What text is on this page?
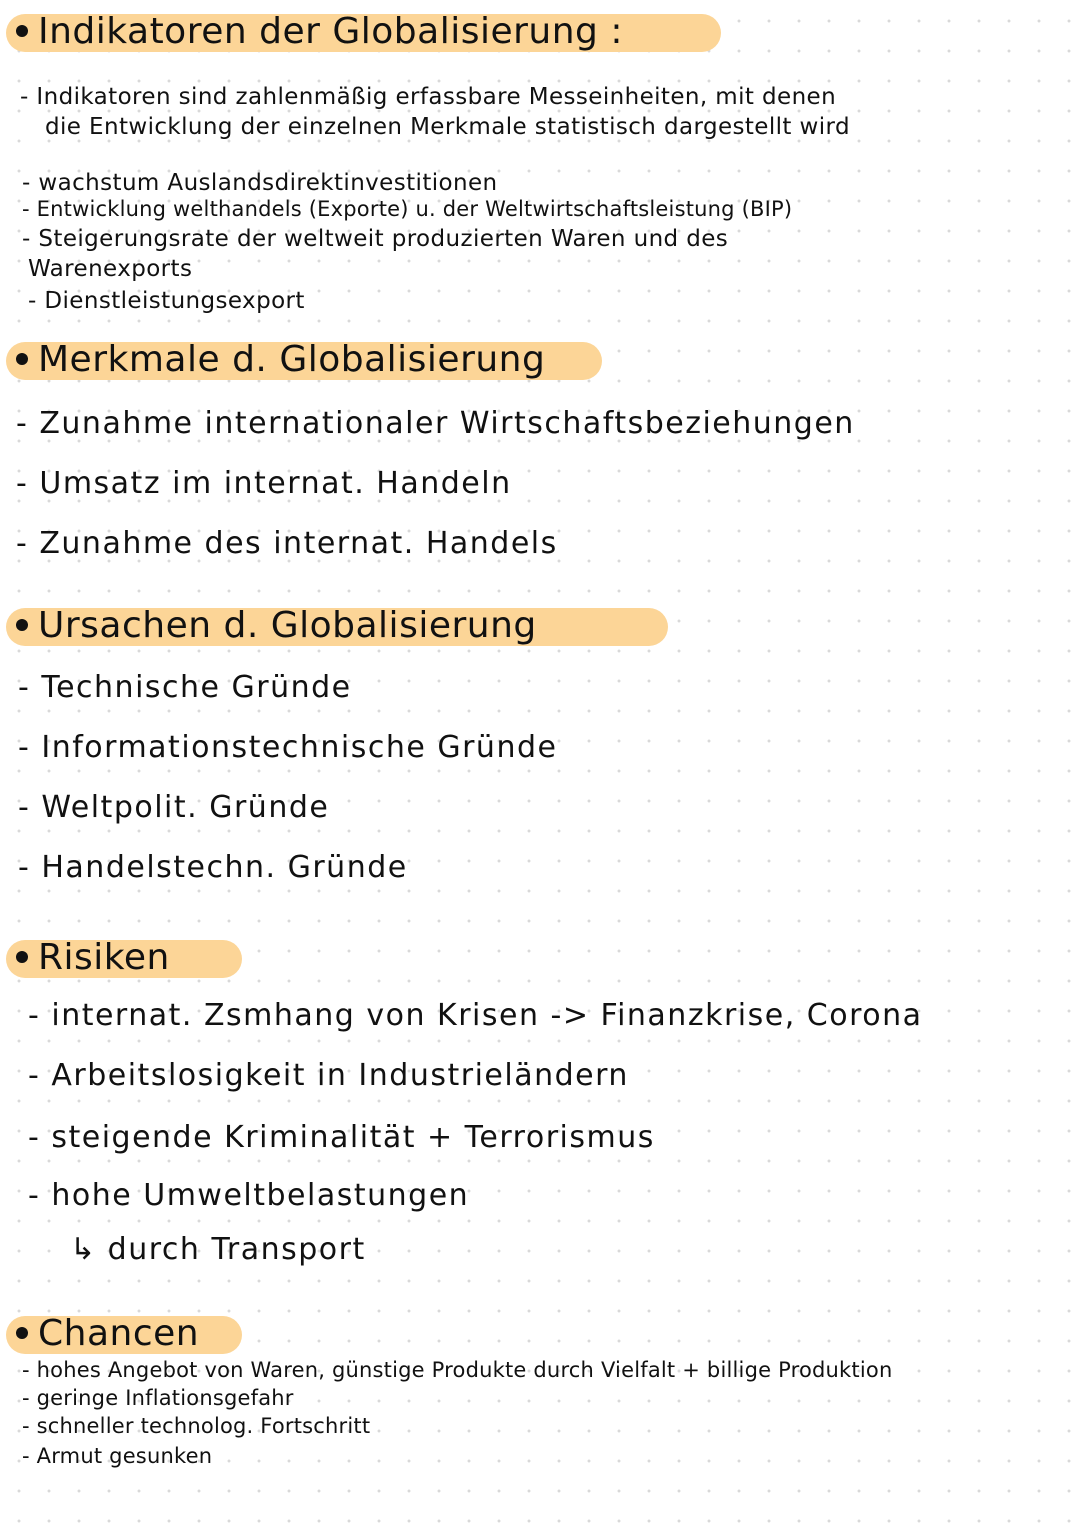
Indikatoren der Globalisierung :
- Indikatoren sind zahlenmäßig erfassbare Messeinheiten, mit denen
die Entwicklung der einzelnen Merkmale statistisch dargestellt wird
- wachstum Auslandsdirektinvestitionen
- Entwicklung welthandels (Exporte) u. der Weltwirtschaftsleistung (BIP)
- Steigerungsrate der weltweit produzierten Waren und des
Warenexports
- Dienstleistungsexport
Merkmale d. Globalisierung
- Zunahme internationaler Wirtschaftsbeziehungen
- Umsatz im internat. Handeln
- Zunahme des internat. Handels
Ursachen d. Globalisierung
- Technische Gründe
- Informationstechnische Gründe
- Weltpolit. Gründe
- Handelstechn. Gründe
Risiken
- internat. Zsmhang von Krisen -> Finanzkrise, Corona
- Arbeitslosigkeit in Industrieländern
- steigende Kriminalität + Terrorismus
- hohe Umweltbelastungen
↳ durch Transport
Chancen
- hohes Angebot von Waren, günstige Produkte durch Vielfalt + billige Produktion
- geringe Inflationsgefahr
- schneller technolog. Fortschritt
- Armut gesunken
